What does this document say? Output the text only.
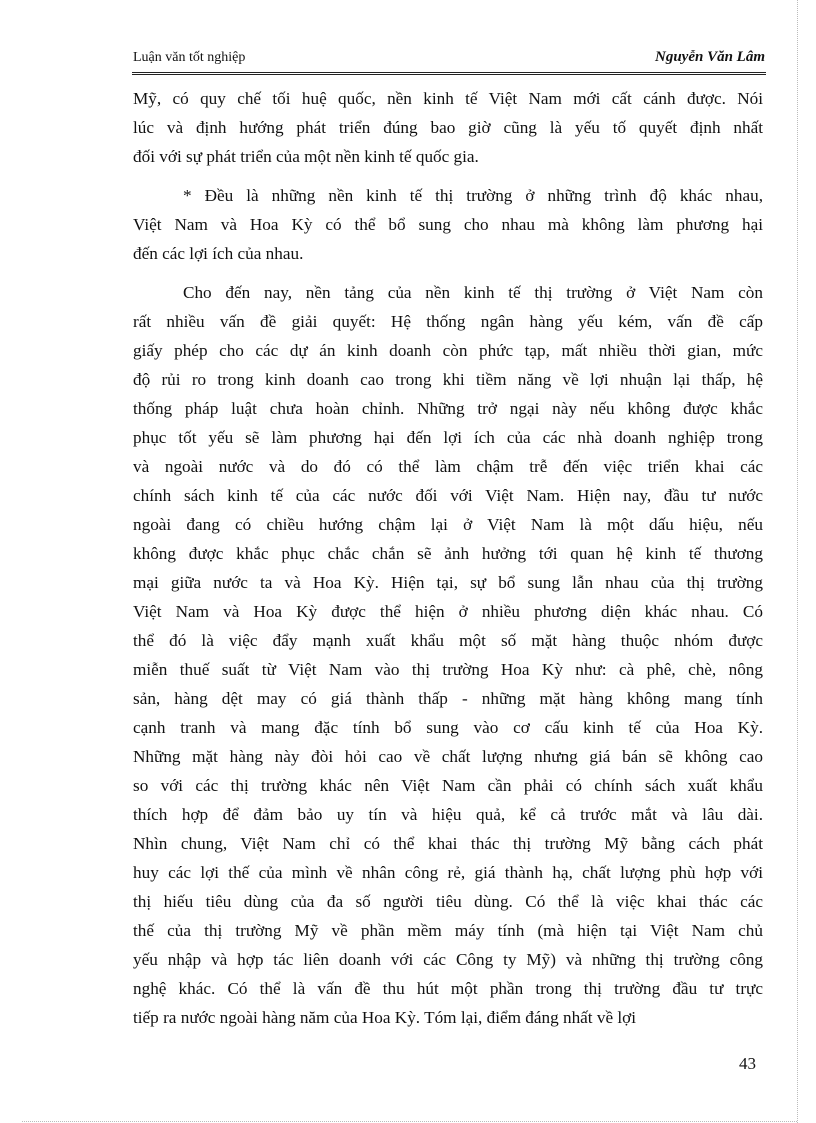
Luận văn tốt nghiệp	Nguyễn Văn Lâm
Mỹ, có quy chế tối huệ quốc, nền kinh tế Việt Nam mới cất cánh được. Nói
lúc và định hướng phát triển đúng bao giờ cũng là yếu tố quyết định nhất
đối với sự phát triển của một nền kinh tế quốc gia.
* Đều là những nền kinh tế thị trường ở những trình độ khác nhau,
Việt Nam và Hoa Kỳ có thể bổ sung cho nhau mà không làm phương hại
đến các lợi ích của nhau.
Cho đến nay, nền tảng của nền kinh tế thị trường ở Việt Nam còn
rất nhiều vấn đề giải quyết: Hệ thống ngân hàng yếu kém, vấn đề cấp
giấy phép cho các dự án kinh doanh còn phức tạp, mất nhiều thời gian, mức
độ rủi ro trong kinh doanh cao trong khi tiềm năng về lợi nhuận lại thấp, hệ
thống pháp luật chưa hoàn chỉnh. Những trở ngại này nếu không được khắc
phục tốt yếu sẽ làm phương hại đến lợi ích của các nhà doanh nghiệp trong
và ngoài nước và do đó có thể làm chậm trễ đến việc triển khai các
chính sách kinh tế của các nước đối với Việt Nam. Hiện nay, đầu tư nước
ngoài đang có chiều hướng chậm lại ở Việt Nam là một dấu hiệu, nếu
không được khắc phục chắc chắn sẽ ảnh hưởng tới quan hệ kinh tế thương
mại giữa nước ta và Hoa Kỳ. Hiện tại, sự bổ sung lẫn nhau của thị trường
Việt Nam và Hoa Kỳ được thể hiện ở nhiều phương diện khác nhau. Có
thể đó là việc đẩy mạnh xuất khẩu một số mặt hàng thuộc nhóm được
miễn thuế suất từ Việt Nam vào thị trường Hoa Kỳ như: cà phê, chè, nông
sản, hàng dệt may có giá thành thấp - những mặt hàng không mang tính
cạnh tranh và mang đặc tính bổ sung vào cơ cấu kinh tế của Hoa Kỳ.
Những mặt hàng này đòi hỏi cao về chất lượng nhưng giá bán sẽ không cao
so với các thị trường khác nên Việt Nam cần phải có chính sách xuất khẩu
thích hợp để đảm bảo uy tín và hiệu quả, kể cả trước mắt và lâu dài.
Nhìn chung, Việt Nam chỉ có thể khai thác thị trường Mỹ bằng cách phát
huy các lợi thế của mình về nhân công rẻ, giá thành hạ, chất lượng phù hợp với
thị hiếu tiêu dùng của đa số người tiêu dùng. Có thể là việc khai thác các
thế của thị trường Mỹ về phần mềm máy tính (mà hiện tại Việt Nam chủ
yếu nhập và hợp tác liên doanh với các Công ty Mỹ) và những thị trường công
nghệ khác. Có thể là vấn đề thu hút một phần trong thị trường đầu tư trực
tiếp ra nước ngoài hàng năm của Hoa Kỳ. Tóm lại, điểm đáng nhất về lợi
43
